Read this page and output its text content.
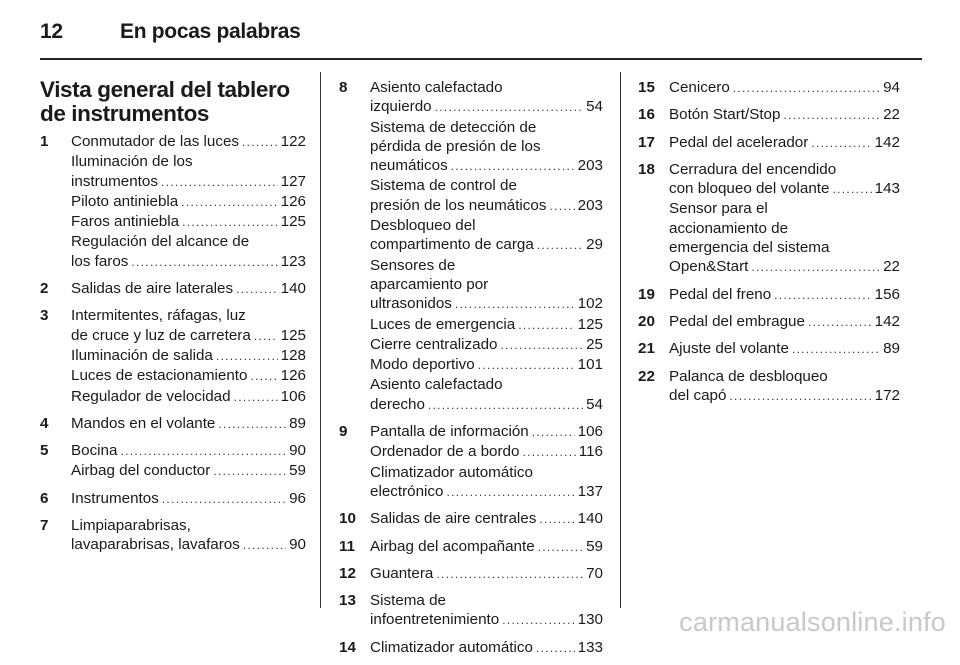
12	En pocas palabras
Vista general del tablero de instrumentos
1 Conmutador de las luces .....	122
Iluminación de los
instrumentos .....	127
Piloto antiniebla .....	126
Faros antiniebla .....	125
Regulación del alcance de
los faros .....	123
2 Salidas de aire laterales .....	140
3 Intermitentes, ráfagas, luz
de cruce y luz de carretera ..... 125
Iluminación de salida .....	128
Luces de estacionamiento ..... 126
Regulador de velocidad .....	106
4 Mandos en el volante .....	89
5 Bocina .....	90
Airbag del conductor .....	59
6 Instrumentos .....	96
7 Limpiaparabrisas,
lavaparabrisas, lavafaros .....	90
8 Asiento calefactado
izquierdo .....	54
Sistema de detección de
pérdida de presión de los
neumáticos .....	203
Sistema de control de
presión de los neumáticos ..... 203
Desbloqueo del
compartimento de carga .....	29
Sensores de
aparcamiento por
ultrasonidos .....	102
Luces de emergencia .....	125
Cierre centralizado .....	25
Modo deportivo .....	101
Asiento calefactado
derecho .....	54
9 Pantalla de información .....	106
Ordenador de a bordo .....	116
Climatizador automático
electrónico .....	137
10 Salidas de aire centrales .....	140
11 Airbag del acompañante .....	59
12 Guantera .....	70
13 Sistema de
infoentretenimiento .....	130
14 Climatizador automático .....	133
15 Cenicero .....	94
16 Botón Start/Stop .....	22
17 Pedal del acelerador .....	142
18 Cerradura del encendido
con bloqueo del volante .....	143
Sensor para el
accionamiento de
emergencia del sistema
Open&Start .....	22
19 Pedal del freno .....	156
20 Pedal del embrague .....	142
21 Ajuste del volante .....	89
22 Palanca de desbloqueo
del capó .....	172
carmanualsonline.info
